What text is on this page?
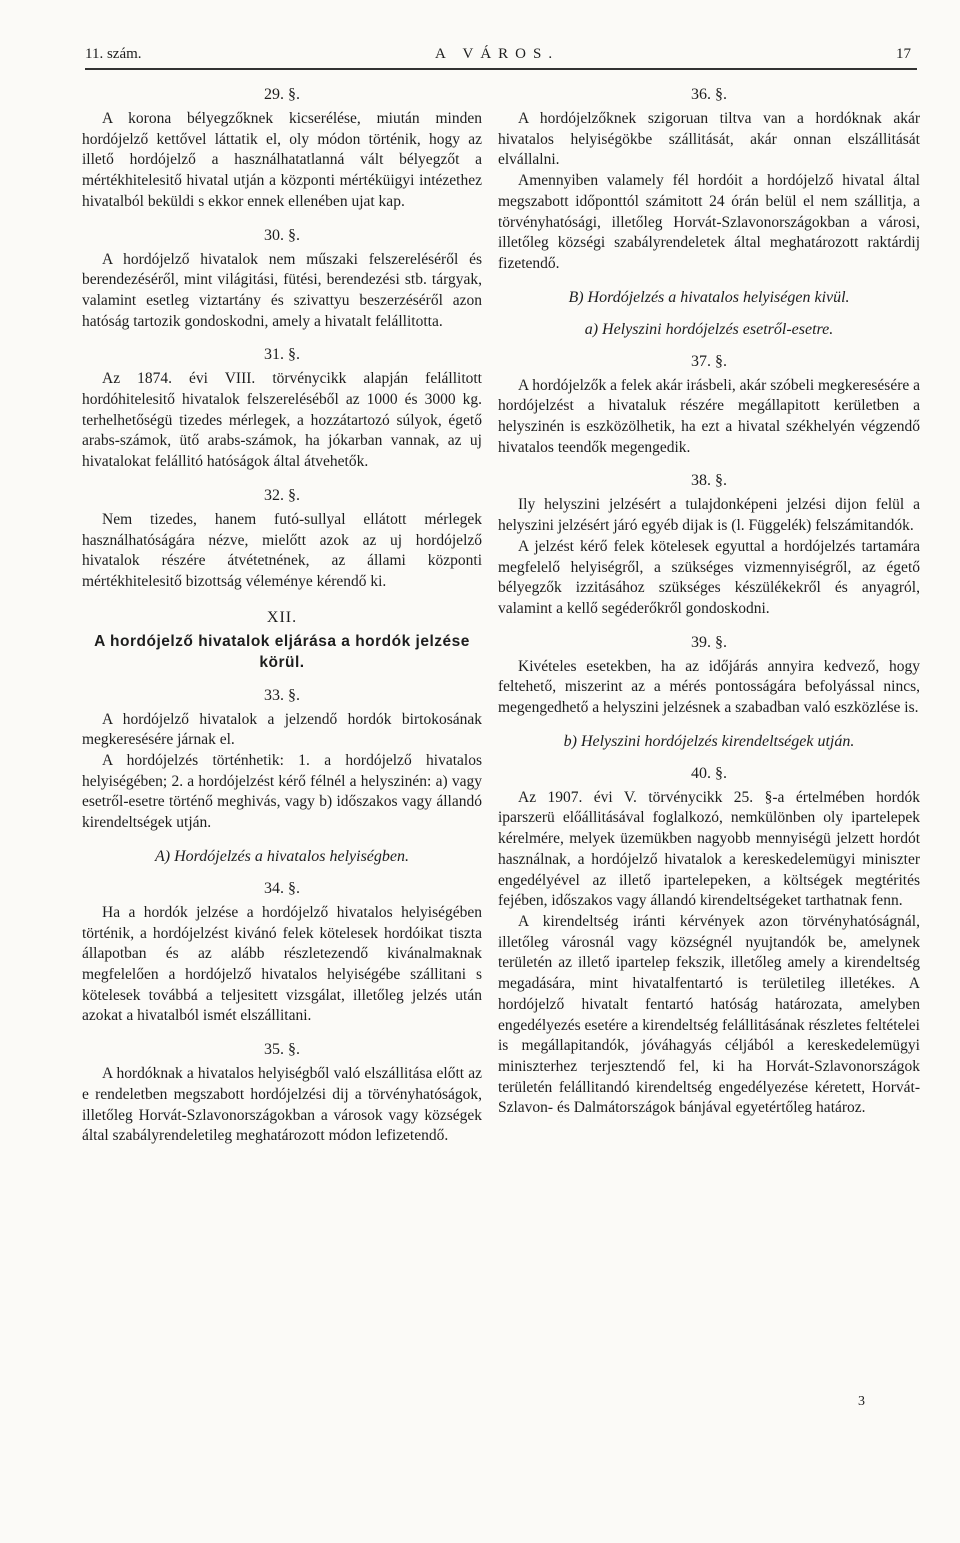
11. szám.	A VÁROS.	17
29. §.

A korona bélyegzőknek kicserélése, miután minden hordójelző kettővel láttatik el, oly módon történik, hogy az illető hordójelző a használhatatlanná vált bélyegzőt a mértékhitelesitő hivatal utján a központi mértéküigyi intézethez hivatalból beküldi s ekkor ennek ellenében ujat kap.

30. §.

A hordójelző hivatalok nem műszaki felszereléséről és berendezéséről, mint világitási, fütési, berendezési stb. tárgyak, valamint esetleg viztartány és szivattyu beszerzéséről azon hatóság tartozik gondoskodni, amely a hivatalt felállitotta.

31. §.

Az 1874. évi VIII. törvénycikk alapján felállitott hordóhitelesitő hivatalok felszereléséből az 1000 és 3000 kg. terhelhetőségü tizedes mérlegek, a hozzátartozó súlyok, égető arabs-számok, ütő arabs-számok, ha jókarban vannak, az uj hivatalokat felállitó hatóságok által átvehetők.

32. §.

Nem tizedes, hanem futó-sullyal ellátott mérlegek használhatóságára nézve, mielőtt azok az uj hordójelző hivatalok részére átvétetnének, az állami központi mértékhitelesitő bizottság véleménye kérendő ki.

XII.
A hordójelző hivatalok eljárása a hordók jelzése körül.
33. §.

A hordójelző hivatalok a jelzendő hordók birtokosának megkeresésére járnak el.

A hordójelzés történhetik: 1. a hordójelző hivatalos helyiségében; 2. a hordójelzést kérő félnél a helyszinén: a) vagy esetről-esetre történő meghivás, vagy b) időszakos vagy állandó kirendeltségek utján.

A) Hordójelzés a hivatalos helyiségben.
34. §.

Ha a hordók jelzése a hordójelző hivatalos helyiségében történik, a hordójelzést kivánó felek kötelesek hordóikat tiszta állapotban és az alább részletezendő kivánalmaknak megfelelően a hordójelző hivatalos helyiségébe szállitani s kötelesek továbbá a teljesitett vizsgálat, illetőleg jelzés után azokat a hivatalból ismét elszállitani.

35. §.

A hordóknak a hivatalos helyiségből való elszállitása előtt az e rendeletben megszabott hordójelzési dij a törvényhatóságok, illetőleg Horvát-Szlavonországokban a városok vagy községek által szabályrendeletileg meghatározott módon lefizetendő.

36. §.

A hordójelzőknek szigoruan tiltva van a hordóknak akár hivatalos helyiségökbe szállitását, akár onnan elszállitását elvállalni.

Amennyiben valamely fél hordóit a hordójelző hivatal által megszabott időponttól számitott 24 órán belül el nem szállitja, a törvényhatósági, illetőleg Horvát-Szlavonországokban a városi, illetőleg községi szabályrendeletek által meghatározott raktárdij fizetendő.

B) Hordójelzés a hivatalos helyiségen kivül.
a) Helyszini hordójelzés esetről-esetre.
37. §.

A hordójelzők a felek akár irásbeli, akár szóbeli megkeresésére a hordójelzést a hivataluk részére megállapitott kerületben a helyszinén is eszközölhetik, ha ezt a hivatal székhelyén végzendő hivatalos teendők megengedik.

38. §.

Ily helyszini jelzésért a tulajdonképeni jelzési dijon felül a helyszini jelzésért járó egyéb dijak is (l. Függelék) felszámitandók.

A jelzést kérő felek kötelesek egyuttal a hordójelzés tartamára megfelelő helyiségről, a szükséges vizmennyiségről, az égető bélyegzők izzitásához szükséges készülékekről és anyagról, valamint a kellő segéderőkről gondoskodni.

39. §.

Kivételes esetekben, ha az időjárás annyira kedvező, hogy feltehető, miszerint az a mérés pontosságára befolyással nincs, megengedhető a helyszini jelzésnek a szabadban való eszközlése is.

b) Helyszini hordójelzés kirendeltségek utján.
40. §.

Az 1907. évi V. törvénycikk 25. §-a értelmében hordók iparszerü előállitásával foglalkozó, nemkülönben oly ipartelepek kérelmére, melyek üzemükben nagyobb mennyiségü jelzett hordót használnak, a hordójelző hivatalok a kereskedelemügyi miniszter engedélyével az illető ipartelepeken, a költségek megtérités fejében, időszakos vagy állandó kirendeltségeket tarthatnak fenn.

A kirendeltség iránti kérvények azon törvényhatóságnál, illetőleg városnál vagy községnél nyujtandók be, amelynek területén az illető ipartelep fekszik, illetőleg amely a kirendeltség megadására, mint hivatalfentartó is területileg illetékes. A hordójelző hivatalt fentartó hatóság határozata, amelyben engedélyezés esetére a kirendeltség felállitásának részletes feltételei is megállapitandók, jóváhagyás céljából a kereskedelemügyi miniszterhez terjesztendő fel, ki ha Horvát-Szlavonországok területén felállitandó kirendeltség engedélyezése kéretett, Horvát-Szlavon- és Dalmátországok bánjával egyetértőleg határoz.

3
